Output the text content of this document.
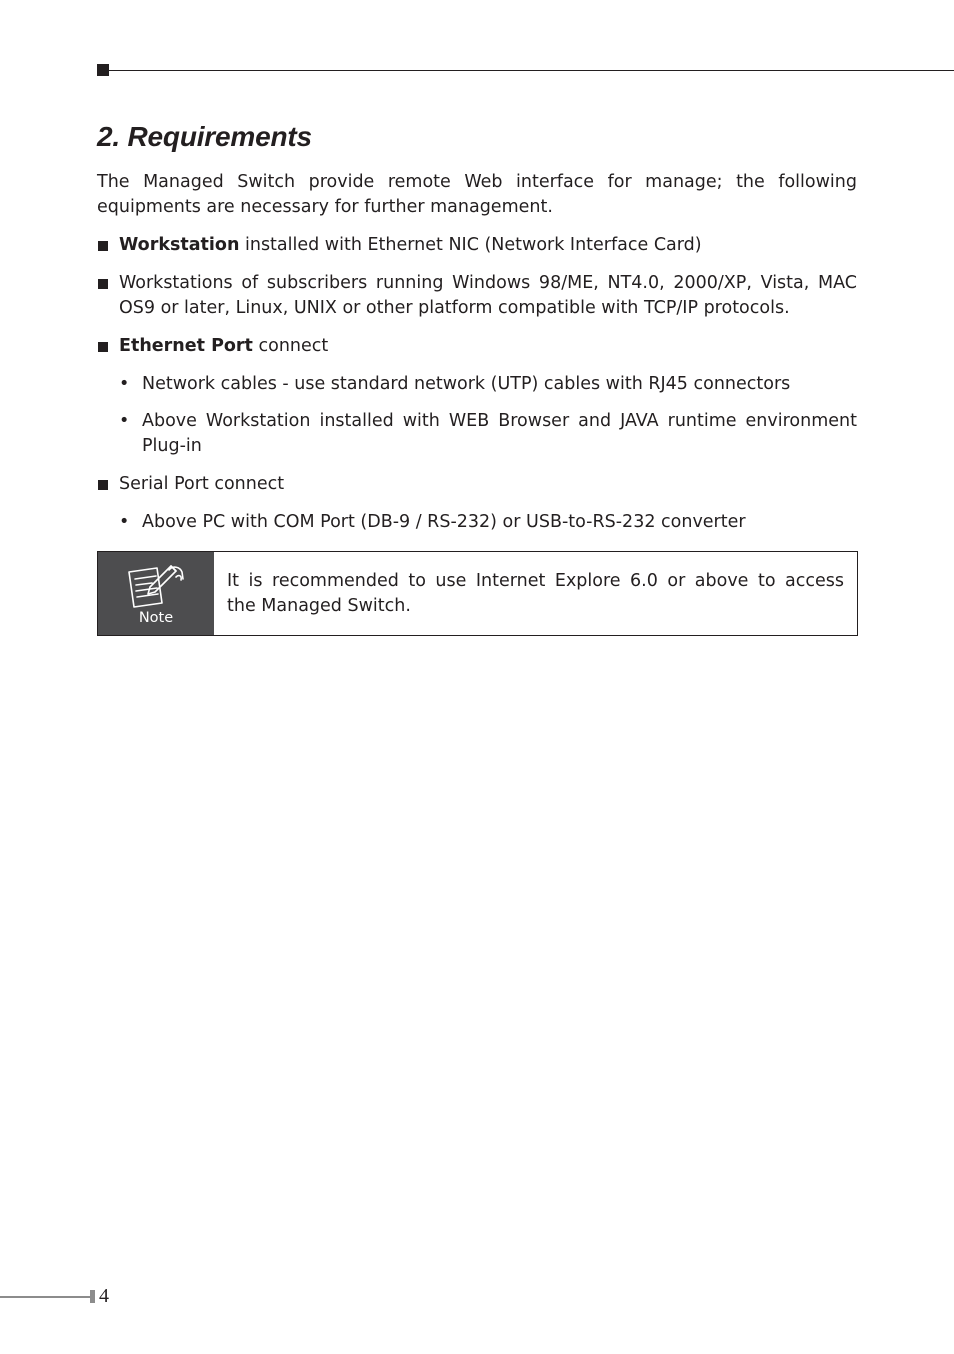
2. Requirements

The Managed Switch provide remote Web interface for manage; the following

equipments are necessary for further management.

Workstation installed with Ethernet NIC (Network Interface Card)

Workstations of subscribers running Windows 98/ME, NT4.0, 2000/XP, Vista, MAC

OS9 or later, Linux, UNIX or other platform compatible with TCP/IP protocols.

Ethernet Port connect

• Network cables - use standard network (UTP) cables with RJ45 connectors

• Above Workstation installed with WEB Browser and JAVA runtime environment

Plug-in

Serial Port connect

• Above PC with COM Port (DB-9 / RS-232) or USB-to-RS-232 converter

Note

It is recommended to use Internet Explore 6.0 or above to access

the Managed Switch.

4
